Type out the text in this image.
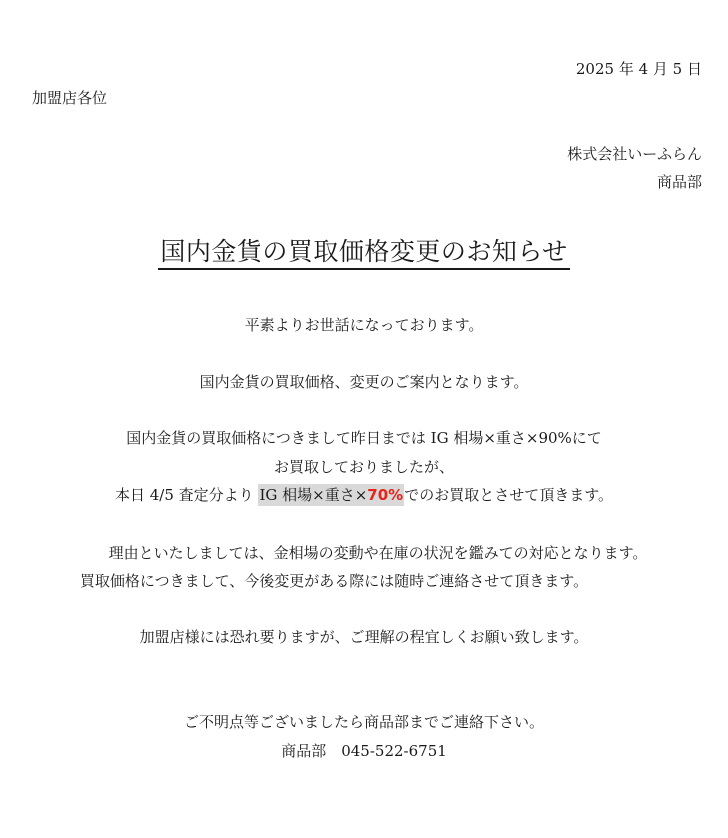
2025 年 4 月 5 日
加盟店各位
株式会社いーふらん
商品部
国内金貨の買取価格変更のお知らせ
平素よりお世話になっております。
国内金貨の買取価格、変更のご案内となります。
国内金貨の買取価格につきまして昨日までは IG 相場×重さ×90%にて
お買取しておりましたが、
本日 4/5 査定分より IG 相場×重さ×70%でのお買取とさせて頂きます。
理由といたしましては、金相場の変動や在庫の状況を鑑みての対応となります。
買取価格につきまして、今後変更がある際には随時ご連絡させて頂きます。
加盟店様には恐れ要りますが、ご理解の程宜しくお願い致します。
ご不明点等ございましたら商品部までご連絡下さい。
商品部　 045-522-6751
